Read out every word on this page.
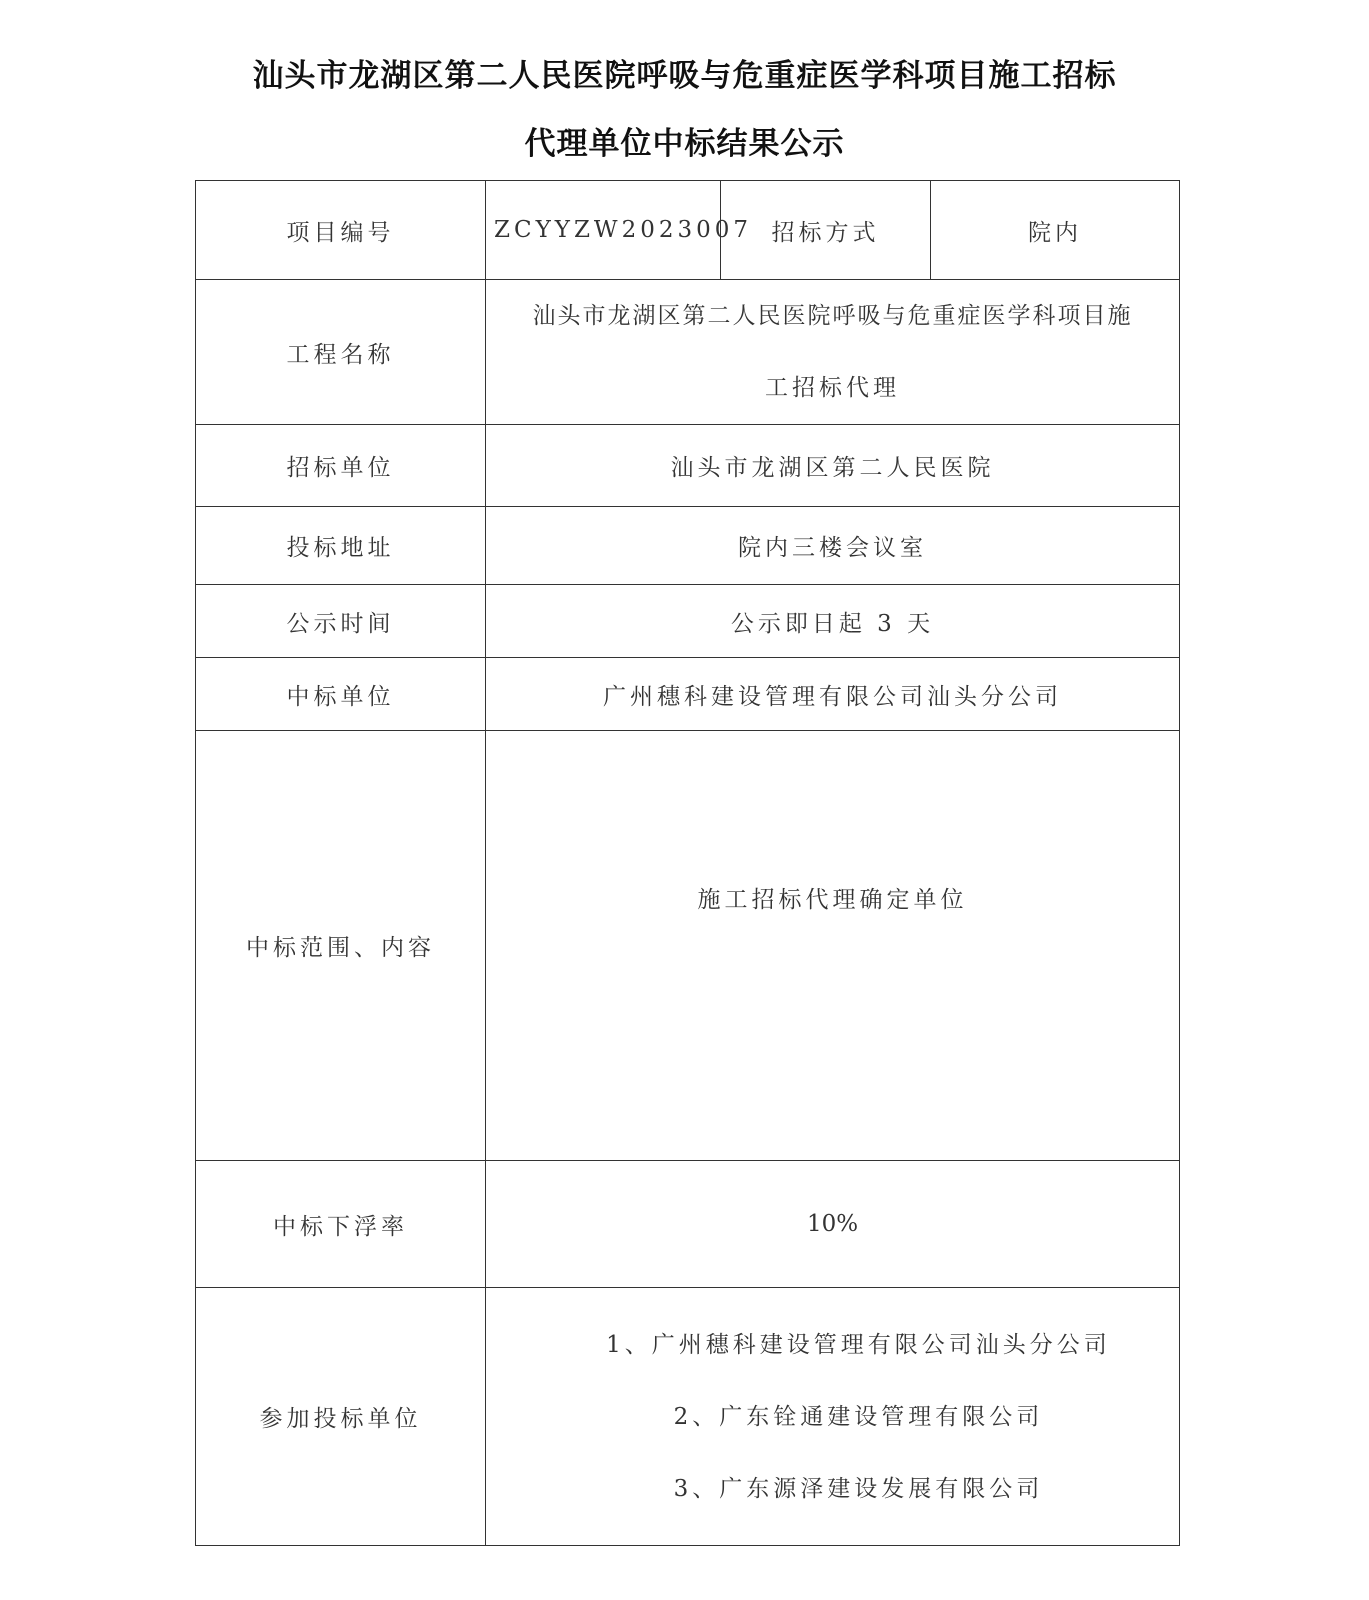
汕头市龙湖区第二人民医院呼吸与危重症医学科项目施工招标
代理单位中标结果公示
项目编号	ZCYYZW2023007	招标方式	院内
工程名称	汕头市龙湖区第二人民医院呼吸与危重症医学科项目施
工招标代理		

招标单位	汕头市龙湖区第二人民医院		
投标地址	院内三楼会议室		
公示时间	公示即日起 3 天		
中标单位	广州穗科建设管理有限公司汕头分公司		
中标范围、内容	施工招标代理确定单位		

中标下浮率	10%		
参加投标单位	1、广州穗科建设管理有限公司汕头分公司
2、广东铨通建设管理有限公司
3、广东源泽建设发展有限公司		
